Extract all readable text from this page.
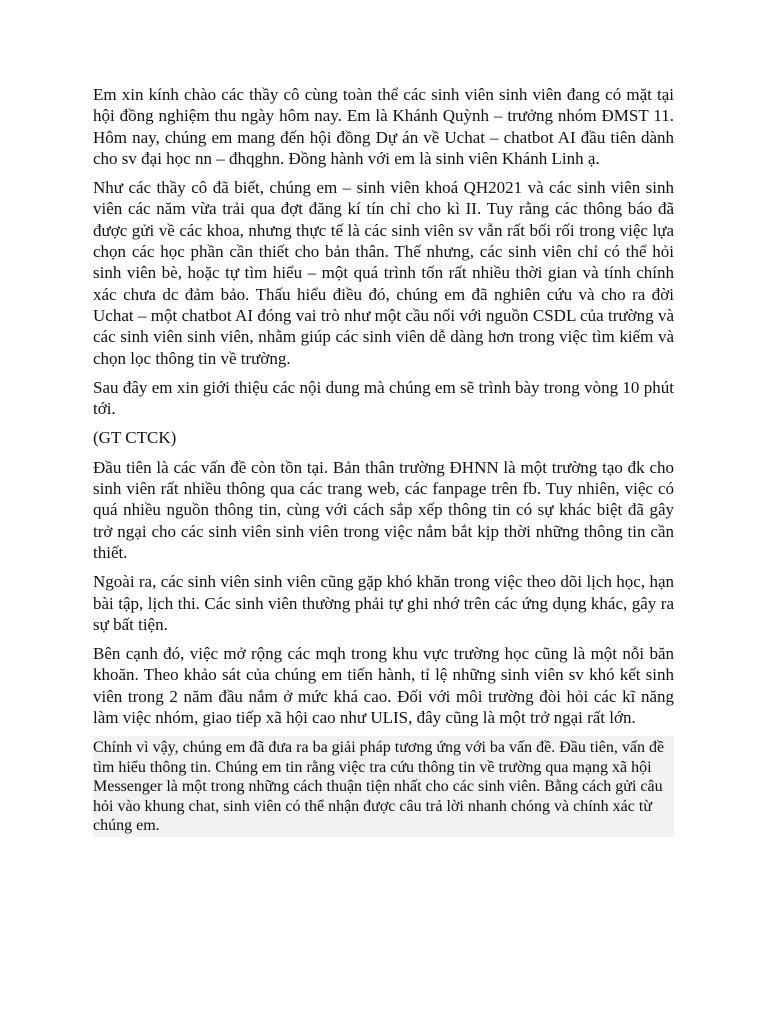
Em xin kính chào các thầy cô cùng toàn thể các sinh viên sinh viên đang có mặt tại hội đồng nghiệm thu ngày hôm nay. Em là Khánh Quỳnh – trưởng nhóm ĐMST 11. Hôm nay, chúng em mang đến hội đồng Dự án về Uchat – chatbot AI đầu tiên dành cho sv đại học nn – đhqghn. Đồng hành với em là sinh viên Khánh Linh ạ.

Như các thầy cô đã biết, chúng em – sinh viên khoá QH2021 và các sinh viên sinh viên các năm vừa trải qua đợt đăng kí tín chỉ cho kì II. Tuy rằng các thông báo đã được gửi về các khoa, nhưng thực tế là các sinh viên sv vẫn rất bối rối trong việc lựa chọn các học phần cần thiết cho bản thân. Thế nhưng, các sinh viên chỉ có thể hỏi sinh viên bè, hoặc tự tìm hiểu – một quá trình tốn rất nhiều thời gian và tính chính xác chưa dc đảm bảo. Thấu hiểu điều đó, chúng em đã nghiên cứu và cho ra đời Uchat – một chatbot AI đóng vai trò như một cầu nối với nguồn CSDL của trường và các sinh viên sinh viên, nhằm giúp các sinh viên dễ dàng hơn trong việc tìm kiếm và chọn lọc thông tin về trường.

Sau đây em xin giới thiệu các nội dung mà chúng em sẽ trình bày trong vòng 10 phút tới.

(GT CTCK)

Đầu tiên là các vấn đề còn tồn tại. Bản thân trường ĐHNN là một trường tạo đk cho sinh viên rất nhiều thông qua các trang web, các fanpage trên fb. Tuy nhiên, việc có quá nhiều nguồn thông tin, cùng với cách sắp xếp thông tin có sự khác biệt đã gây trở ngại cho các sinh viên sinh viên trong việc nắm bắt kịp thời những thông tin cần thiết.

Ngoài ra, các sinh viên sinh viên cũng gặp khó khăn trong việc theo dõi lịch học, hạn bài tập, lịch thi. Các sinh viên thường phải tự ghi nhớ trên các ứng dụng khác, gây ra sự bất tiện.

Bên cạnh đó, việc mở rộng các mqh trong khu vực trường học cũng là một nỗi băn khoăn. Theo khảo sát của chúng em tiến hành, tỉ lệ những sinh viên sv khó kết sinh viên trong 2 năm đầu nắm ở mức khá cao. Đối với môi trường đòi hỏi các kĩ năng làm việc nhóm, giao tiếp xã hội cao như ULIS, đây cũng là một trở ngại rất lớn.

Chính vì vậy, chúng em đã đưa ra ba giải pháp tương ứng với ba vấn đề. Đầu tiên, vấn đề tìm hiểu thông tin. Chúng em tin rằng việc tra cứu thông tin về trường qua mạng xã hội Messenger là một trong những cách thuận tiện nhất cho các sinh viên. Bằng cách gửi câu hỏi vào khung chat, sinh viên có thể nhận được câu trả lời nhanh chóng và chính xác từ chúng em.
